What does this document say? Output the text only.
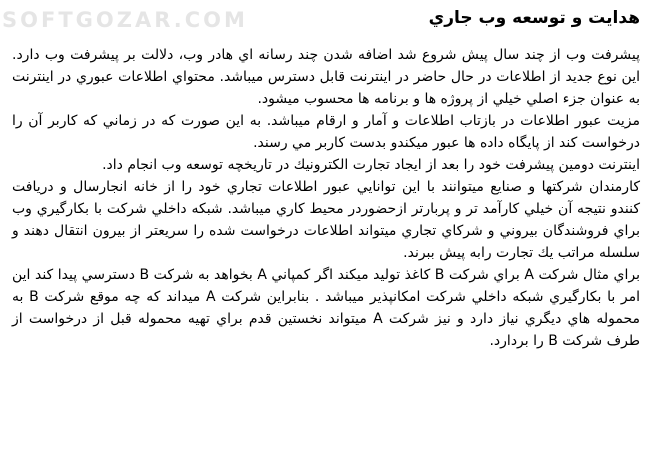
SOFTGOZAR.COM	هدايت و توسعه وب جاري

پيشرفت وب از چند سال پيش شروع شد اضافه شدن چند رسانه اي هادر وب، دلالت بر پيشرفت وب دارد. اين نوع جديد از اطلاعات در حال حاضر در اينترنت قابل دسترس ميباشد. محتواي اطلاعات عبوري در اينترنت به عنوان جزء اصلي خيلي از پروژه ها و برنامه ها محسوب ميشود.

مزيت عبور اطلاعات در بازتاب اطلاعات و آمار و ارقام ميباشد. به اين صورت كه در زماني كه كاربر آن را درخواست كند از پايگاه داده ها عبور ميكندو بدست كاربر مي رسند.

اينترنت دومين پيشرفت خود را بعد از ايجاد تجارت الكترونيك در تاريخچه توسعه وب انجام داد.

كارمندان شركتها و صنايع ميتوانند با اين توانايي عبور اطلاعات تجاري خود را از خانه انجارسال و دريافت كنندو نتيجه آن خيلي كارآمد تر و پربارتر ازحضوردر محيط كاري ميباشد. شبكه داخلي شركت با بكارگيري وب براي فروشندگان بيروني و شركاي تجاري ميتواند اطلاعات درخواست شده را سريعتر از بيرون انتقال دهند و سلسله مراتب يك تجارت رابه پيش ببرند.

براي مثال شركت A براي شركت B كاغذ توليد ميكند اگر كمپاني A بخواهد به شركت B دسترسي پيدا كند اين امر با بكارگيري شبكه داخلي شركت امكانپذير ميباشد . بنابراين شركت A ميداند كه چه موقع شركت B به محموله هاي ديگري نياز دارد و نيز شركت A ميتواند نخستين قدم براي تهيه محموله قبل از درخواست از طرف شركت B را بردارد.
